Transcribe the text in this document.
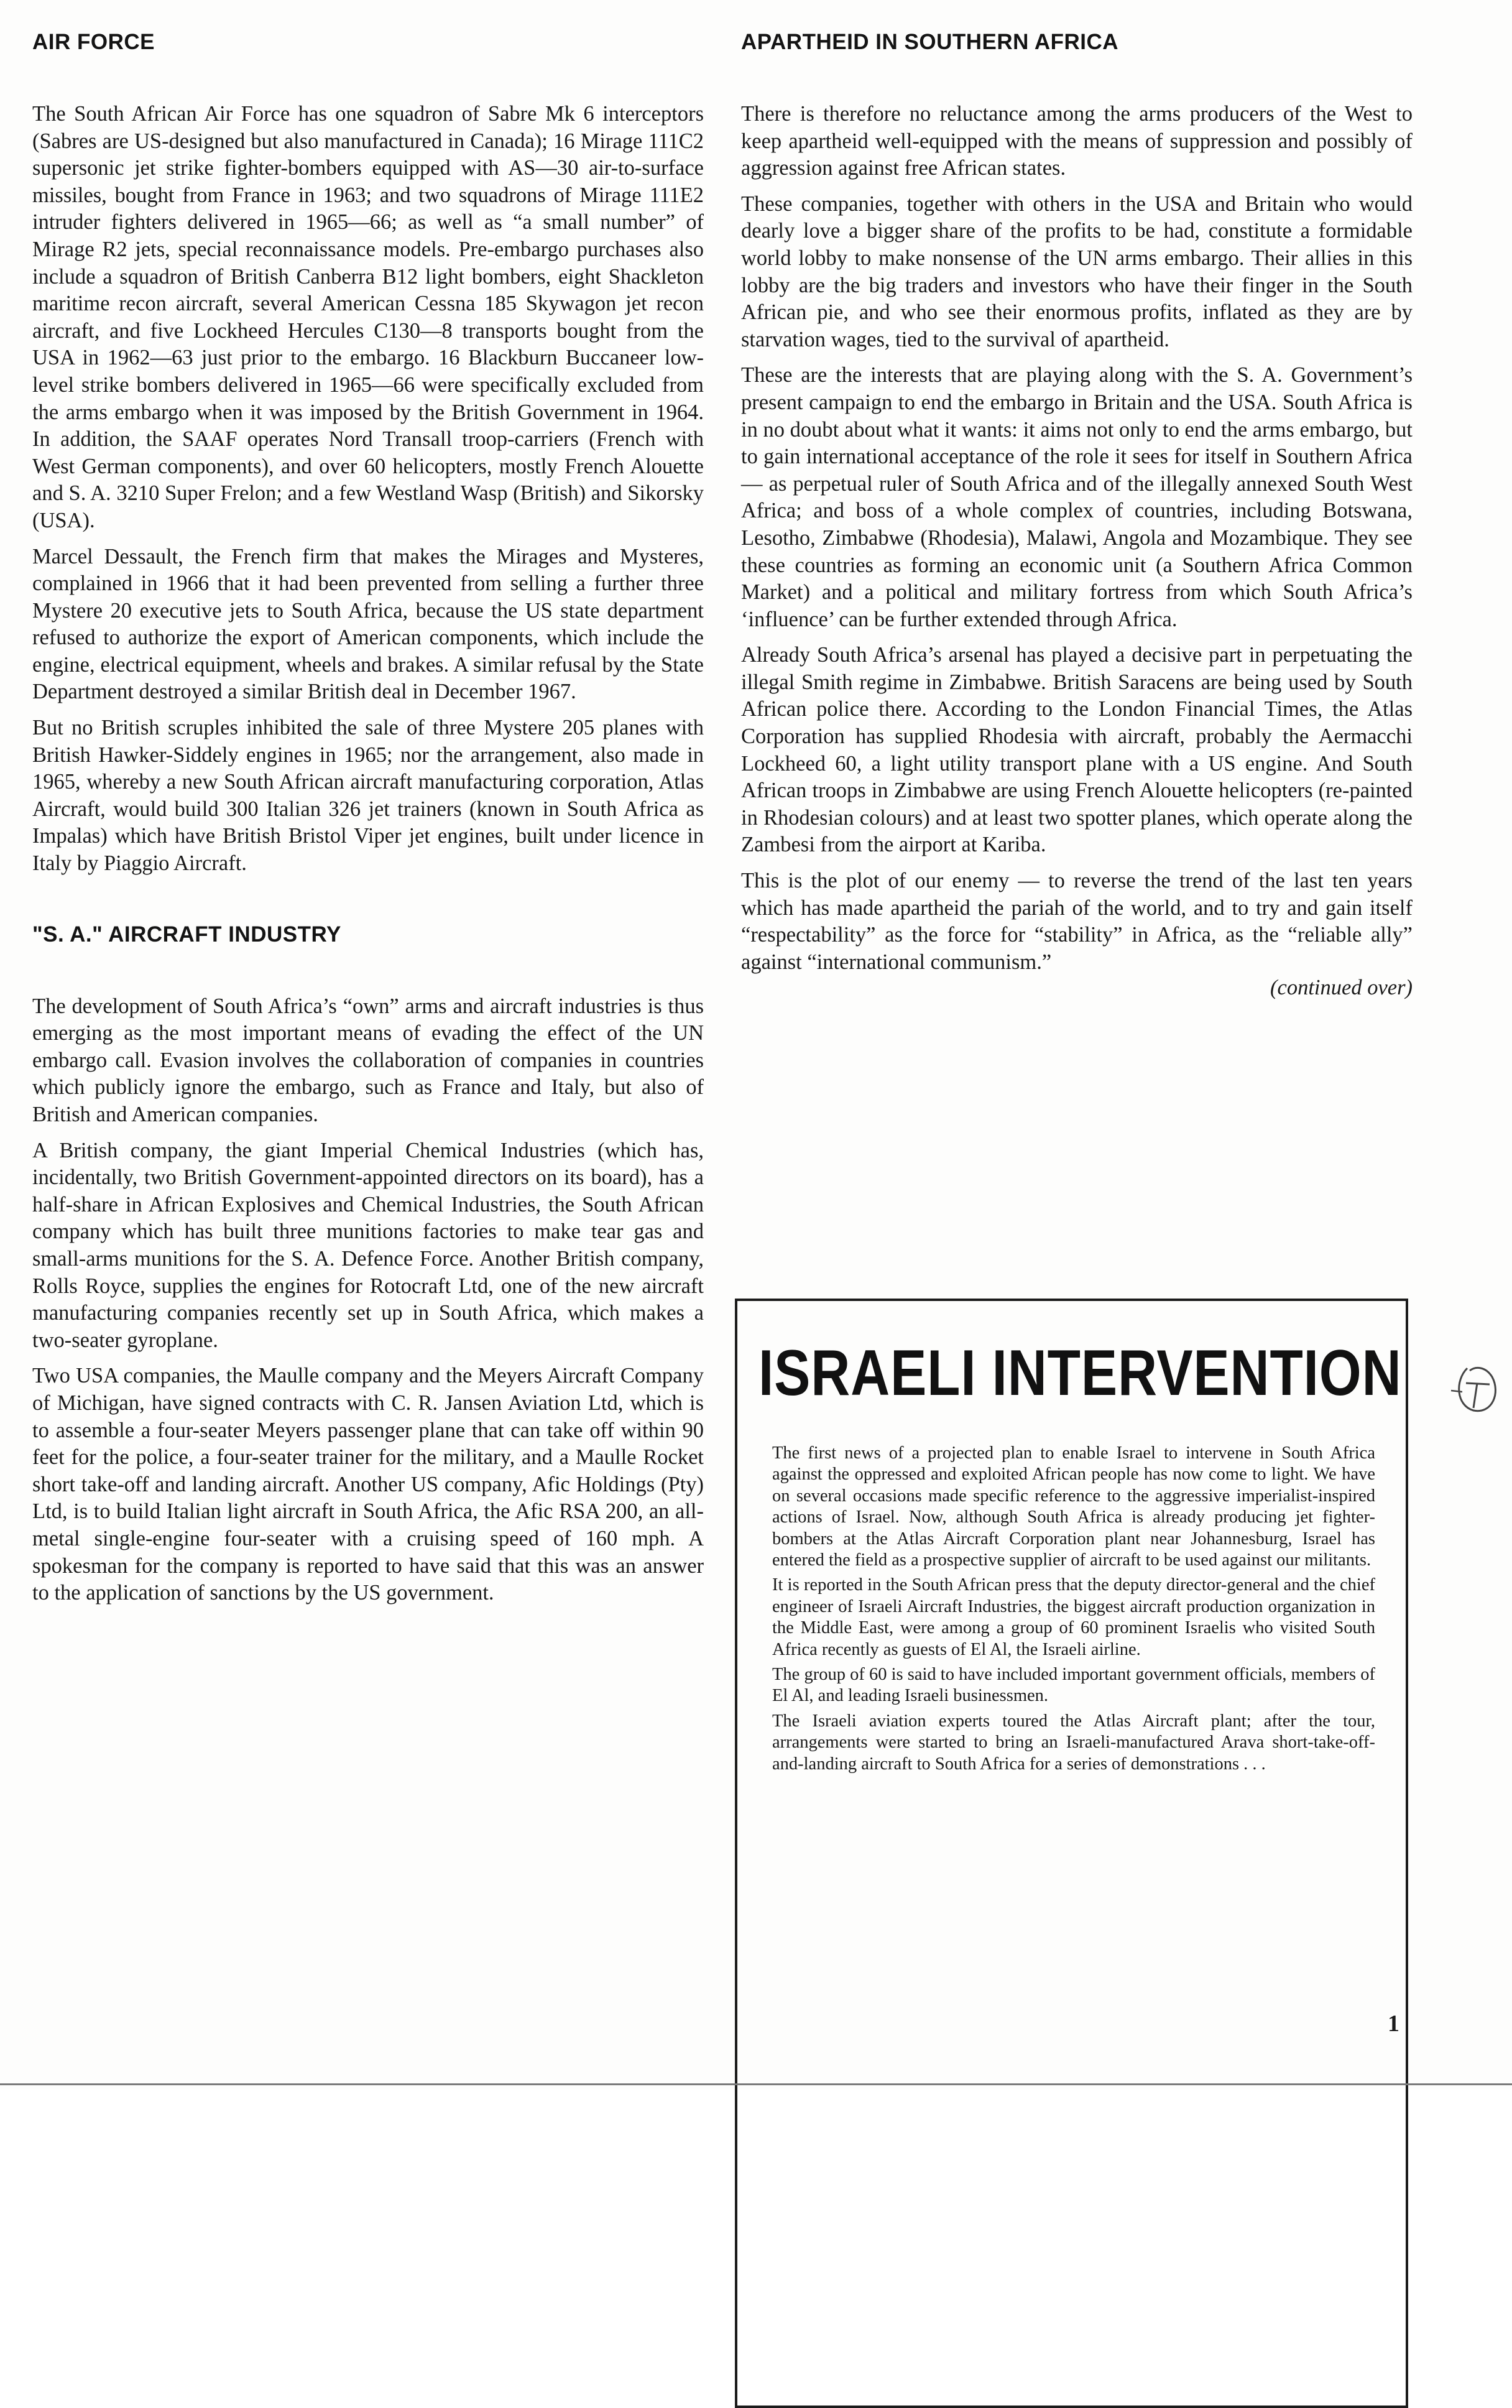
AIR FORCE

The South African Air Force has one squadron of Sabre Mk 6 interceptors (Sabres are US-designed but also manufactured in Canada); 16 Mirage 111C2 supersonic jet strike fighter-bombers equipped with AS—30 air-to-surface missiles, bought from France in 1963; and two squadrons of Mirage 111E2 intruder fighters delivered in 1965—66; as well as “a small number” of Mirage R2 jets, special reconnaissance models. Pre-embargo purchases also include a squadron of British Canberra B12 light bombers, eight Shackleton maritime recon aircraft, several American Cessna 185 Skywagon jet recon aircraft, and five Lockheed Hercules C130—8 transports bought from the USA in 1962—63 just prior to the embargo. 16 Blackburn Buccaneer low-level strike bombers delivered in 1965—66 were specifically excluded from the arms embargo when it was imposed by the British Government in 1964. In addition, the SAAF operates Nord Transall troop-carriers (French with West German components), and over 60 helicopters, mostly French Alouette and S. A. 3210 Super Frelon; and a few Westland Wasp (British) and Sikorsky (USA).

Marcel Dessault, the French firm that makes the Mirages and Mysteres, complained in 1966 that it had been prevented from selling a further three Mystere 20 executive jets to South Africa, because the US state department refused to authorize the export of American components, which include the engine, electrical equipment, wheels and brakes. A similar refusal by the State Department destroyed a similar British deal in December 1967.

But no British scruples inhibited the sale of three Mystere 205 planes with British Hawker-Siddely engines in 1965; nor the arrangement, also made in 1965, whereby a new South African aircraft manufacturing corporation, Atlas Aircraft, would build 300 Italian 326 jet trainers (known in South Africa as Impalas) which have British Bristol Viper jet engines, built under licence in Italy by Piaggio Aircraft.

"S. A." AIRCRAFT INDUSTRY

The development of South Africa’s “own” arms and aircraft industries is thus emerging as the most important means of evading the effect of the UN embargo call. Evasion involves the collaboration of companies in countries which publicly ignore the embargo, such as France and Italy, but also of British and American companies.

A British company, the giant Imperial Chemical Industries (which has, incidentally, two British Government-appointed directors on its board), has a half-share in African Explosives and Chemical Industries, the South African company which has built three munitions factories to make tear gas and small-arms munitions for the S. A. Defence Force. Another British company, Rolls Royce, supplies the engines for Rotocraft Ltd, one of the new aircraft manufacturing companies recently set up in South Africa, which makes a two-seater gyroplane.

Two USA companies, the Maulle company and the Meyers Aircraft Company of Michigan, have signed contracts with C. R. Jansen Aviation Ltd, which is to assemble a four-seater Meyers passenger plane that can take off within 90 feet for the police, a four-seater trainer for the military, and a Maulle Rocket short take-off and landing aircraft. Another US company, Afic Holdings (Pty) Ltd, is to build Italian light aircraft in South Africa, the Afic RSA 200, an all-metal single-engine four-seater with a cruising speed of 160 mph. A spokesman for the company is reported to have said that this was an answer to the application of sanctions by the US government.

APARTHEID IN SOUTHERN AFRICA

There is therefore no reluctance among the arms producers of the West to keep apartheid well-equipped with the means of suppression and possibly of aggression against free African states.

These companies, together with others in the USA and Britain who would dearly love a bigger share of the profits to be had, constitute a formidable world lobby to make nonsense of the UN arms embargo. Their allies in this lobby are the big traders and investors who have their finger in the South African pie, and who see their enormous profits, inflated as they are by starvation wages, tied to the survival of apartheid.

These are the interests that are playing along with the S. A. Government’s present campaign to end the embargo in Britain and the USA. South Africa is in no doubt about what it wants: it aims not only to end the arms embargo, but to gain international acceptance of the role it sees for itself in Southern Africa — as perpetual ruler of South Africa and of the illegally annexed South West Africa; and boss of a whole complex of countries, including Botswana, Lesotho, Zimbabwe (Rhodesia), Malawi, Angola and Mozambique. They see these countries as forming an economic unit (a Southern Africa Common Market) and a political and military fortress from which South Africa’s ‘influence’ can be further extended through Africa.

Already South Africa’s arsenal has played a decisive part in perpetuating the illegal Smith regime in Zimbabwe. British Saracens are being used by South African police there. According to the London Financial Times, the Atlas Corporation has supplied Rhodesia with aircraft, probably the Aermacchi Lockheed 60, a light utility transport plane with a US engine. And South African troops in Zimbabwe are using French Alouette helicopters (re-painted in Rhodesian colours) and at least two spotter planes, which operate along the Zambesi from the airport at Kariba.

This is the plot of our enemy — to reverse the trend of the last ten years which has made apartheid the pariah of the world, and to try and gain itself “respectability” as the force for “stability” in Africa, as the “reliable ally” against “international communism.”
(continued over)

ISRAELI INTERVENTION

The first news of a projected plan to enable Israel to intervene in South Africa against the oppressed and exploited African people has now come to light. We have on several occasions made specific reference to the aggressive imperialist-inspired actions of Israel. Now, although South Africa is already producing jet fighter-bombers at the Atlas Aircraft Corporation plant near Johannesburg, Israel has entered the field as a prospective supplier of aircraft to be used against our militants.

It is reported in the South African press that the deputy director-general and the chief engineer of Israeli Aircraft Industries, the biggest aircraft production organization in the Middle East, were among a group of 60 prominent Israelis who visited South Africa recently as guests of El Al, the Israeli airline.

The group of 60 is said to have included important government officials, members of El Al, and leading Israeli businessmen.

The Israeli aviation experts toured the Atlas Aircraft plant; after the tour, arrangements were started to bring an Israeli-manufactured Arava short-take-off-and-landing aircraft to South Africa for a series of demonstrations . . .

1
